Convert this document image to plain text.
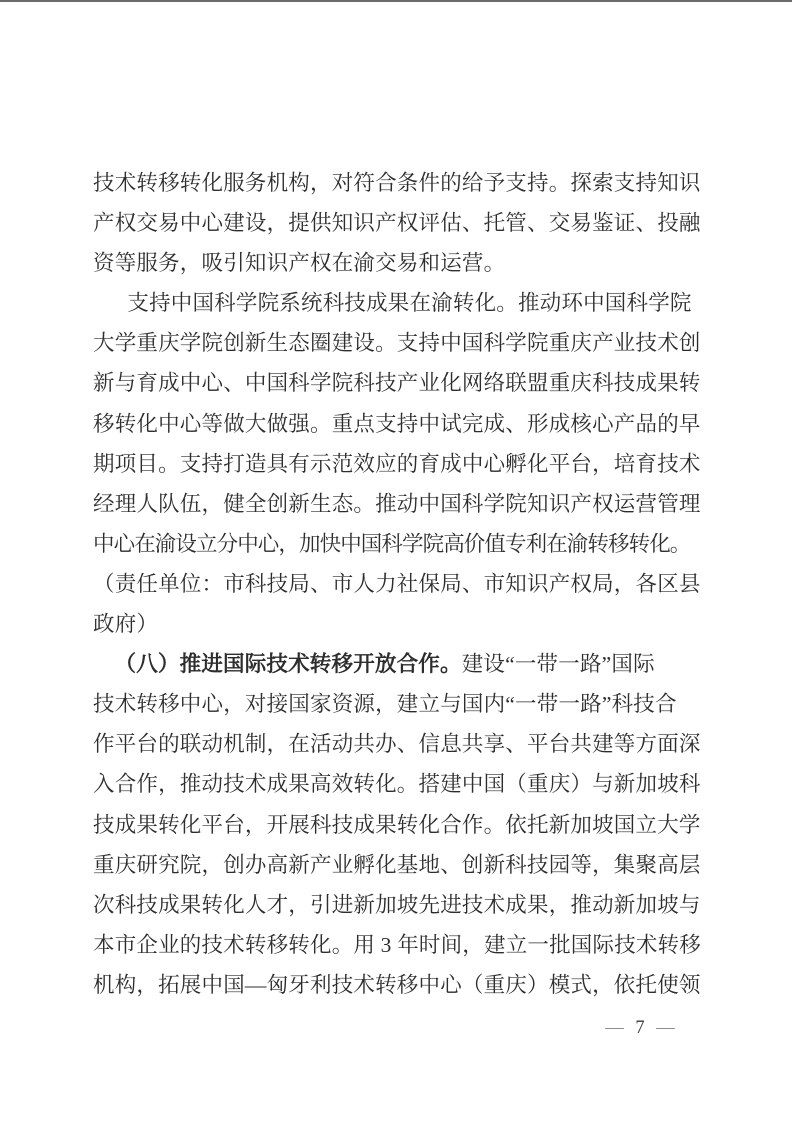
技术转移转化服务机构，对符合条件的给予支持。探索支持知识
产权交易中心建设，提供知识产权评估、托管、交易鉴证、投融
资等服务，吸引知识产权在渝交易和运营。
支持中国科学院系统科技成果在渝转化。推动环中国科学院
大学重庆学院创新生态圈建设。支持中国科学院重庆产业技术创
新与育成中心、中国科学院科技产业化网络联盟重庆科技成果转
移转化中心等做大做强。重点支持中试完成、形成核心产品的早
期项目。支持打造具有示范效应的育成中心孵化平台，培育技术
经理人队伍，健全创新生态。推动中国科学院知识产权运营管理
中心在渝设立分中心，加快中国科学院高价值专利在渝转移转化。
（责任单位：市科技局、市人力社保局、市知识产权局，各区县
政府）
（八）推进国际技术转移开放合作。建设“一带一路”国际
技术转移中心，对接国家资源，建立与国内“一带一路”科技合
作平台的联动机制，在活动共办、信息共享、平台共建等方面深
入合作，推动技术成果高效转化。搭建中国（重庆）与新加坡科
技成果转化平台，开展科技成果转化合作。依托新加坡国立大学
重庆研究院，创办高新产业孵化基地、创新科技园等，集聚高层
次科技成果转化人才，引进新加坡先进技术成果，推动新加坡与
本市企业的技术转移转化。用 3 年时间，建立一批国际技术转移
机构，拓展中国—匈牙利技术转移中心（重庆）模式，依托使领
— 7 —
